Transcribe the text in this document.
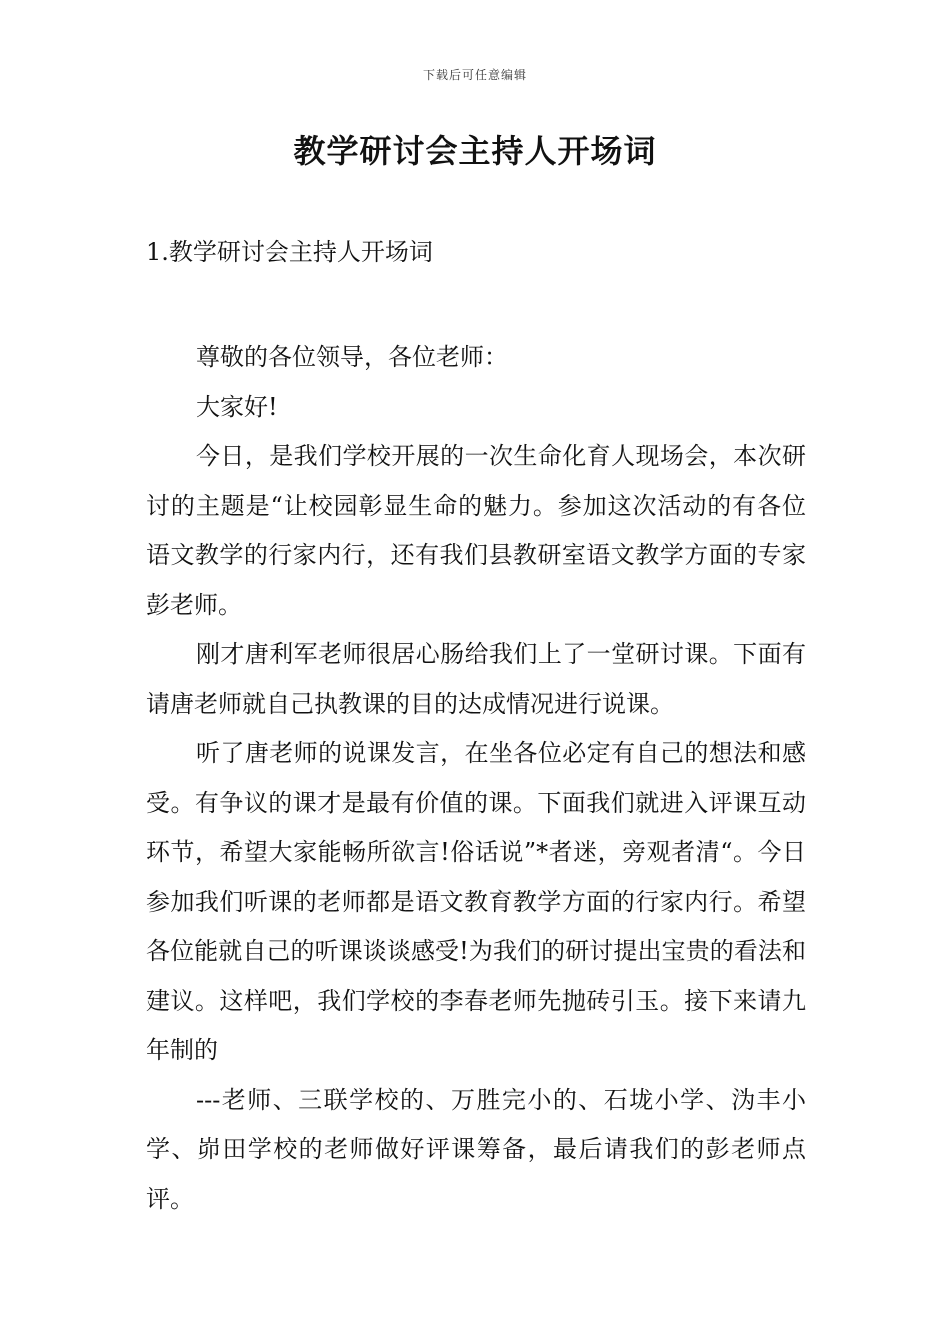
下载后可任意编辑
教学研讨会主持人开场词
1.教学研讨会主持人开场词

尊敬的各位领导，各位老师：

大家好!

今日，是我们学校开展的一次生命化育人现场会，本次研讨的主题是“让校园彰显生命的魅力。参加这次活动的有各位语文教学的行家内行，还有我们县教研室语文教学方面的专家彭老师。

刚才唐利军老师很居心肠给我们上了一堂研讨课。下面有请唐老师就自己执教课的目的达成情况进行说课。

听了唐老师的说课发言，在坐各位必定有自己的想法和感受。有争议的课才是最有价值的课。下面我们就进入评课互动环节，希望大家能畅所欲言!俗话说”*者迷，旁观者清“。今日参加我们听课的老师都是语文教育教学方面的行家内行。希望各位能就自己的听课谈谈感受!为我们的研讨提出宝贵的看法和建议。这样吧，我们学校的李春老师先抛砖引玉。接下来请九年制的

---老师、三联学校的、万胜完小的、石垅小学、沩丰小学、峁田学校的老师做好评课筹备，最后请我们的彭老师点评。
